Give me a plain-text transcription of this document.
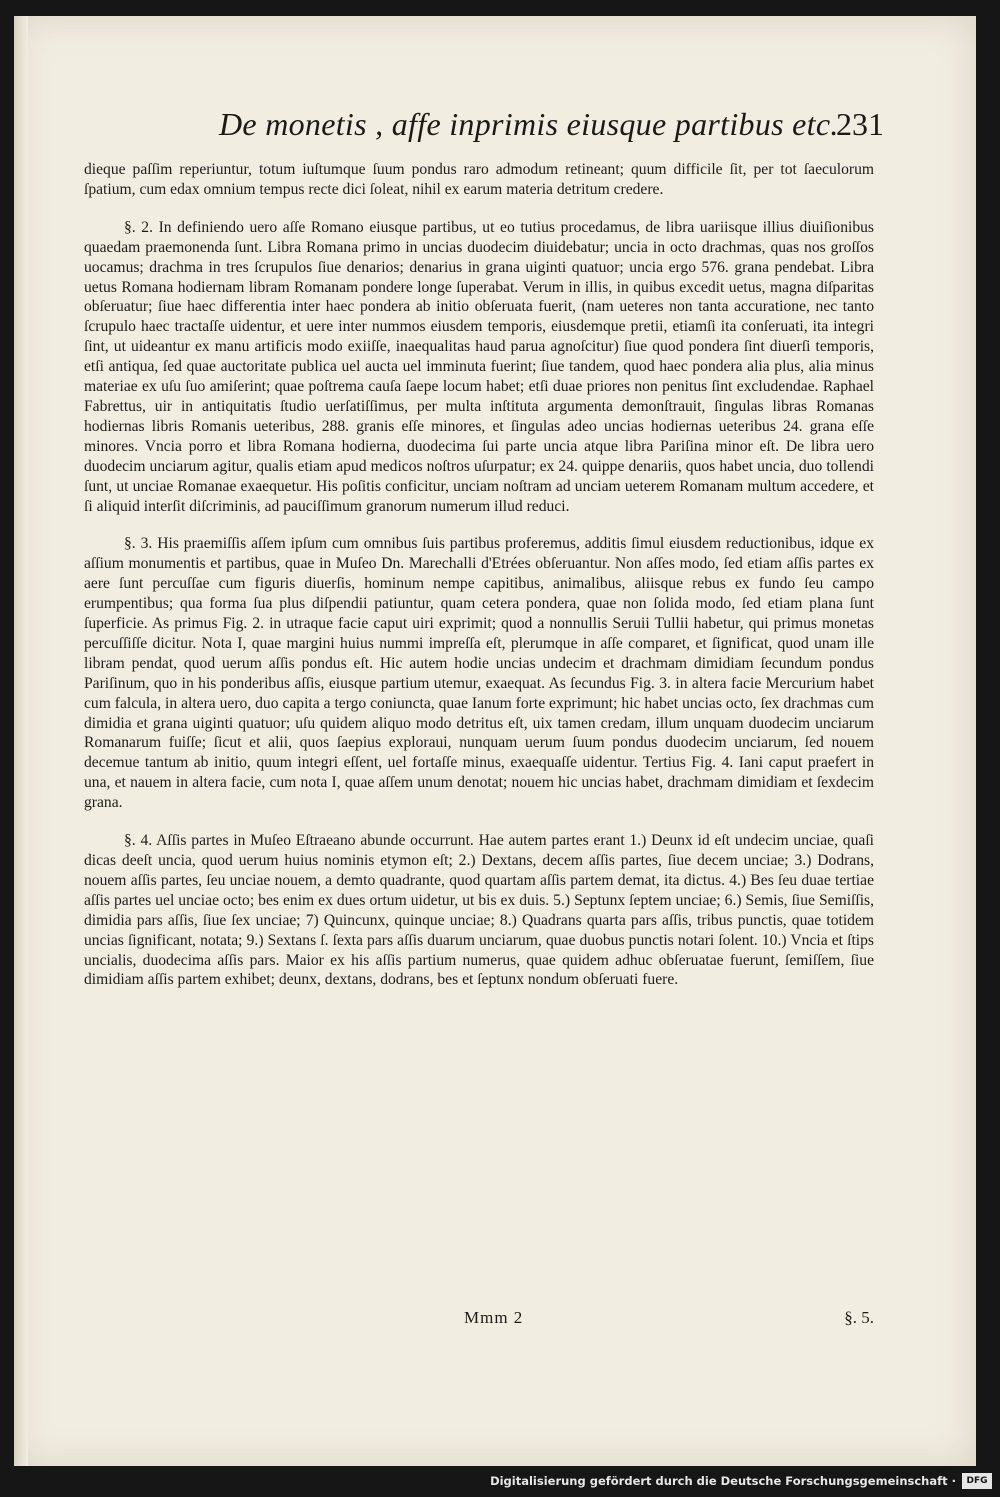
De monetis , affe inprimis eiusque partibus etc.
231

dieque paſſim reperiuntur, totum iuſtumque ſuum pondus raro admodum retineant; quum difficile ſit, per tot ſaeculorum ſpatium, cum edax omnium tempus recte dici ſoleat, nihil ex earum materia detritum credere.

§. 2. In definiendo uero aſſe Romano eiusque partibus, ut eo tutius procedamus, de libra uariisque illius diuiſionibus quaedam praemonenda ſunt. Libra Romana primo in uncias duodecim diuidebatur; uncia in octo drachmas, quas nos groſſos uocamus; drachma in tres ſcrupulos ſiue denarios; denarius in grana uiginti quatuor; uncia ergo 576. grana pendebat. Libra uetus Romana hodiernam libram Romanam pondere longe ſuperabat. Verum in illis, in quibus excedit uetus, magna diſparitas obſeruatur; ſiue haec differentia inter haec pondera ab initio obſeruata fuerit, (nam ueteres non tanta accuratione, nec tanto ſcrupulo haec tractaſſe uidentur, et uere inter nummos eiusdem temporis, eiusdemque pretii, etiamſi ita conſeruati, ita integri ſint, ut uideantur ex manu artificis modo exiiſſe, inaequalitas haud parua agnoſcitur) ſiue quod pondera ſint diuerſi temporis, etſi antiqua, ſed quae auctoritate publica uel aucta uel imminuta fuerint; ſiue tandem, quod haec pondera alia plus, alia minus materiae ex uſu ſuo amiſerint; quae poſtrema cauſa ſaepe locum habet; etſi duae priores non penitus ſint excludendae. Raphael Fabrettus, uir in antiquitatis ſtudio uerſatiſſimus, per multa inſtituta argumenta demonſtrauit, ſingulas libras Romanas hodiernas libris Romanis ueteribus, 288. granis eſſe minores, et ſingulas adeo uncias hodiernas ueteribus 24. grana eſſe minores. Vncia porro et libra Romana hodierna, duodecima ſui parte uncia atque libra Pariſina minor eſt. De libra uero duodecim unciarum agitur, qualis etiam apud medicos noſtros uſurpatur; ex 24. quippe denariis, quos habet uncia, duo tollendi ſunt, ut unciae Romanae exaequetur. His poſitis conficitur, unciam noſtram ad unciam ueterem Romanam multum accedere, et ſi aliquid interſit diſcriminis, ad pauciſſimum granorum numerum illud reduci.

§. 3. His praemiſſis aſſem ipſum cum omnibus ſuis partibus proferemus, additis ſimul eiusdem reductionibus, idque ex aſſium monumentis et partibus, quae in Muſeo Dn. Marechalli d'Etrées obſeruantur. Non aſſes modo, ſed etiam aſſis partes ex aere ſunt percuſſae cum figuris diuerſis, hominum nempe capitibus, animalibus, aliisque rebus ex fundo ſeu campo erumpentibus; qua forma ſua plus diſpendii patiuntur, quam cetera pondera, quae non ſolida modo, ſed etiam plana ſunt ſuperficie. As primus Fig. 2. in utraque facie caput uiri exprimit; quod a nonnullis Seruii Tullii habetur, qui primus monetas percuſſiſſe dicitur. Nota I, quae margini huius nummi impreſſa eſt, plerumque in aſſe comparet, et ſignificat, quod unam ille libram pendat, quod uerum aſſis pondus eſt. Hic autem hodie uncias undecim et drachmam dimidiam ſecundum pondus Pariſinum, quo in his ponderibus aſſis, eiusque partium utemur, exaequat. As ſecundus Fig. 3. in altera facie Mercurium habet cum falcula, in altera uero, duo capita a tergo coniuncta, quae Ianum forte exprimunt; hic habet uncias octo, ſex drachmas cum dimidia et grana uiginti quatuor; uſu quidem aliquo modo detritus eſt, uix tamen credam, illum unquam duodecim unciarum Romanarum fuiſſe; ſicut et alii, quos ſaepius exploraui, nunquam uerum ſuum pondus duodecim unciarum, ſed nouem decemue tantum ab initio, quum integri eſſent, uel fortaſſe minus, exaequaſſe uidentur. Tertius Fig. 4. Iani caput praefert in una, et nauem in altera facie, cum nota I, quae aſſem unum denotat; nouem hic uncias habet, drachmam dimidiam et ſexdecim grana.

§. 4. Aſſis partes in Muſeo Eſtraeano abunde occurrunt. Hae autem partes erant 1.) Deunx id eſt undecim unciae, quaſi dicas deeſt uncia, quod uerum huius nominis etymon eſt; 2.) Dextans, decem aſſis partes, ſiue decem unciae; 3.) Dodrans, nouem aſſis partes, ſeu unciae nouem, a demto quadrante, quod quartam aſſis partem demat, ita dictus. 4.) Bes ſeu duae tertiae aſſis partes uel unciae octo; bes enim ex dues ortum uidetur, ut bis ex duis. 5.) Septunx ſeptem unciae; 6.) Semis, ſiue Semiſſis, dimidia pars aſſis, ſiue ſex unciae; 7) Quincunx, quinque unciae; 8.) Quadrans quarta pars aſſis, tribus punctis, quae totidem uncias ſignificant, notata; 9.) Sextans ſ. ſexta pars aſſis duarum unciarum, quae duobus punctis notari ſolent. 10.) Vncia et ſtips uncialis, duodecima aſſis pars. Maior ex his aſſis partium numerus, quae quidem adhuc obſeruatae fuerunt, ſemiſſem, ſiue dimidiam aſſis partem exhibet; deunx, dextans, dodrans, bes et ſeptunx nondum obſeruati fuere.

Mmm 2	§. 5.
Digitalisierung gefördert durch die Deutsche Forschungsgemeinschaft ·	DFG
